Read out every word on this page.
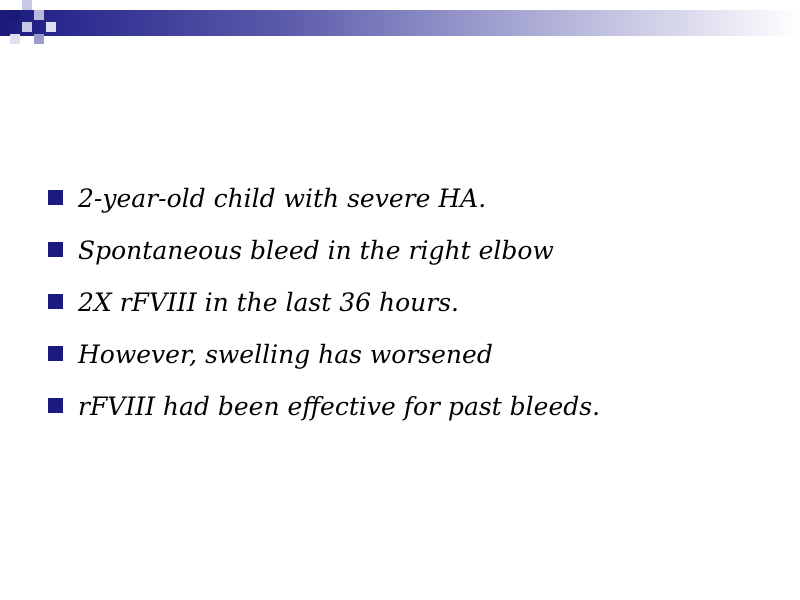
2-year-old child with severe HA.
Spontaneous bleed in the right elbow
2X rFVIII in the last 36 hours.
However, swelling has worsened
rFVIII had been effective for past bleeds.
